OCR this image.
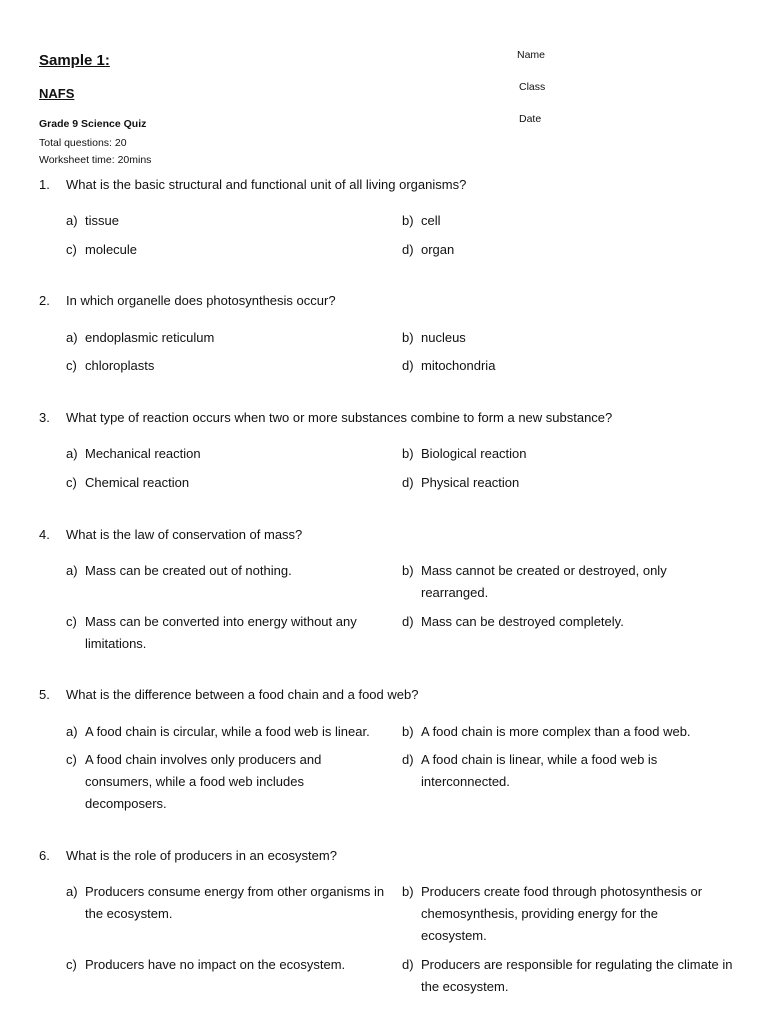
Sample 1:
NAFS
Grade 9 Science Quiz
Total questions: 20
Worksheet time: 20mins
Name
Class
Date
1.	What is the basic structural and functional unit of all living organisms?
a) tissue	b) cell
c) molecule	d) organ
2.	In which organelle does photosynthesis occur?
a) endoplasmic reticulum	b) nucleus
c) chloroplasts	d) mitochondria
3.	What type of reaction occurs when two or more substances combine to form a new substance?
a) Mechanical reaction	b) Biological reaction
c) Chemical reaction	d) Physical reaction
4.	What is the law of conservation of mass?
a) Mass can be created out of nothing.	b) Mass cannot be created or destroyed, only rearranged.
c) Mass can be converted into energy without any limitations.
d) Mass can be destroyed completely.
5.	What is the difference between a food chain and a food web?
a) A food chain is circular, while a food web is linear.	b) A food chain is more complex than a food web.
c) A food chain involves only producers and consumers, while a food web includes decomposers.
d) A food chain is linear, while a food web is interconnected.
6.	What is the role of producers in an ecosystem?
a) Producers consume energy from other organisms in the ecosystem.
b) Producers create food through photosynthesis or chemosynthesis, providing energy for the ecosystem.
c) Producers have no impact on the ecosystem.	d) Producers are responsible for regulating the climate in the ecosystem.
